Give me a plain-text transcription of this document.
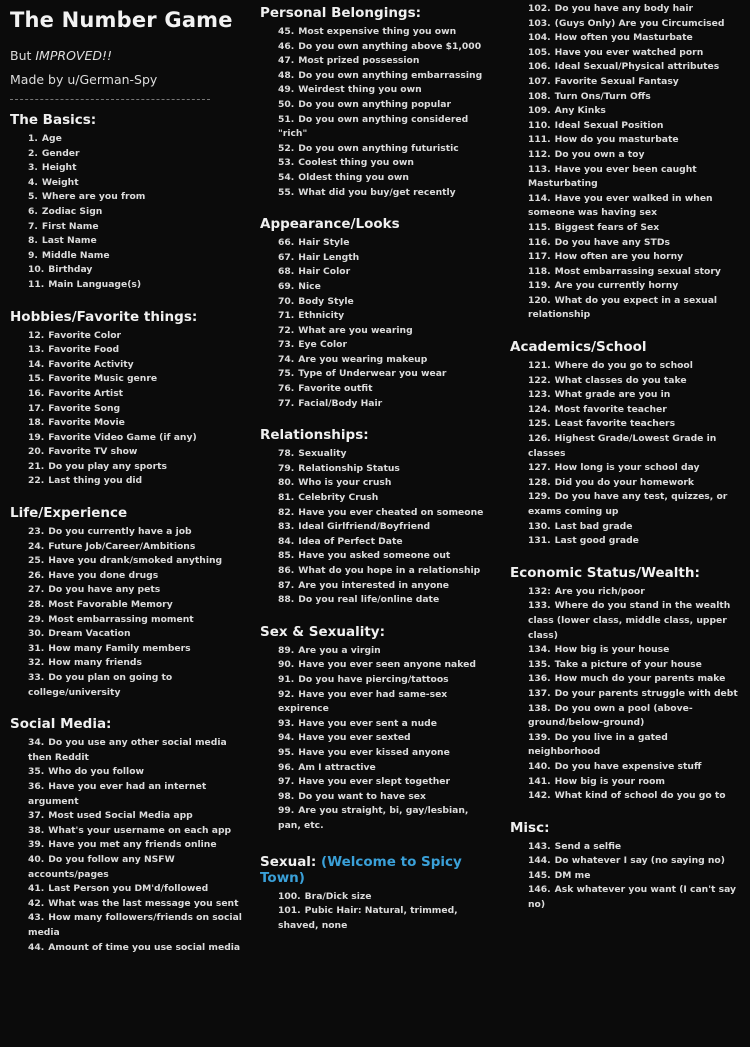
The Number Game
But IMPROVED!!
Made by u/German-Spy
The Basics:
1. Age
2. Gender
3. Height
4. Weight
5. Where are you from
6. Zodiac Sign
7. First Name
8. Last Name
9. Middle Name
10. Birthday
11. Main Language(s)
Hobbies/Favorite things:
12. Favorite Color
13. Favorite Food
14. Favorite Activity
15. Favorite Music genre
16. Favorite Artist
17. Favorite Song
18. Favorite Movie
19. Favorite Video Game (if any)
20. Favorite TV show
21. Do you play any sports
22. Last thing you did
Life/Experience
23. Do you currently have a job
24. Future Job/Career/Ambitions
25. Have you drank/smoked anything
26. Have you done drugs
27. Do you have any pets
28. Most Favorable Memory
29. Most embarrassing moment
30. Dream Vacation
31. How many Family members
32. How many friends
33. Do you plan on going to college/university
Social Media:
34. Do you use any other social media then Reddit
35. Who do you follow
36. Have you ever had an internet argument
37. Most used Social Media app
38. What's your username on each app
39. Have you met any friends online
40. Do you follow any NSFW accounts/pages
41. Last Person you DM'd/followed
42. What was the last message you sent
43. How many followers/friends on social media
44. Amount of time you use social media
Personal Belongings:
45. Most expensive thing you own
46. Do you own anything above $1,000
47. Most prized possession
48. Do you own anything embarrassing
49. Weirdest thing you own
50. Do you own anything popular
51. Do you own anything considered "rich"
52. Do you own anything futuristic
53. Coolest thing you own
54. Oldest thing you own
55. What did you buy/get recently
Appearance/Looks
66. Hair Style
67. Hair Length
68. Hair Color
69. Nice
70. Body Style
71. Ethnicity
72. What are you wearing
73. Eye Color
74. Are you wearing makeup
75. Type of Underwear you wear
76. Favorite outfit
77. Facial/Body Hair
Relationships:
78. Sexuality
79. Relationship Status
80. Who is your crush
81. Celebrity Crush
82. Have you ever cheated on someone
83. Ideal Girlfriend/Boyfriend
84. Idea of Perfect Date
85. Have you asked someone out
86. What do you hope in a relationship
87. Are you interested in anyone
88. Do you real life/online date
Sex & Sexuality:
89. Are you a virgin
90. Have you ever seen anyone naked
91. Do you have piercing/tattoos
92. Have you ever had same-sex expirence
93. Have you ever sent a nude
94. Have you ever sexted
95. Have you ever kissed anyone
96. Am I attractive
97. Have you ever slept together
98. Do you want to have sex
99. Are you straight, bi, gay/lesbian, pan, etc.
Sexual: (Welcome to Spicy Town)
100. Bra/Dick size
101. Pubic Hair: Natural, trimmed, shaved, none
102. Do you have any body hair
103. (Guys Only) Are you Circumcised
104. How often you Masturbate
105. Have you ever watched porn
106. Ideal Sexual/Physical attributes
107. Favorite Sexual Fantasy
108. Turn Ons/Turn Offs
109. Any Kinks
110. Ideal Sexual Position
111. How do you masturbate
112. Do you own a toy
113. Have you ever been caught Masturbating
114. Have you ever walked in when someone was having sex
115. Biggest fears of Sex
116. Do you have any STDs
117. How often are you horny
118. Most embarrassing sexual story
119. Are you currently horny
120. What do you expect in a sexual relationship
Academics/School
121. Where do you go to school
122. What classes do you take
123. What grade are you in
124. Most favorite teacher
125. Least favorite teachers
126. Highest Grade/Lowest Grade in classes
127. How long is your school day
128. Did you do your homework
129. Do you have any test, quizzes, or exams coming up
130. Last bad grade
131. Last good grade
Economic Status/Wealth:
132: Are you rich/poor
133. Where do you stand in the wealth class (lower class, middle class, upper class)
134. How big is your house
135. Take a picture of your house
136. How much do your parents make
137. Do your parents struggle with debt
138. Do you own a pool (above-ground/below-ground)
139. Do you live in a gated neighborhood
140. Do you have expensive stuff
141. How big is your room
142. What kind of school do you go to
Misc:
143. Send a selfie
144. Do whatever I say (no saying no)
145. DM me
146. Ask whatever you want (I can't say no)
